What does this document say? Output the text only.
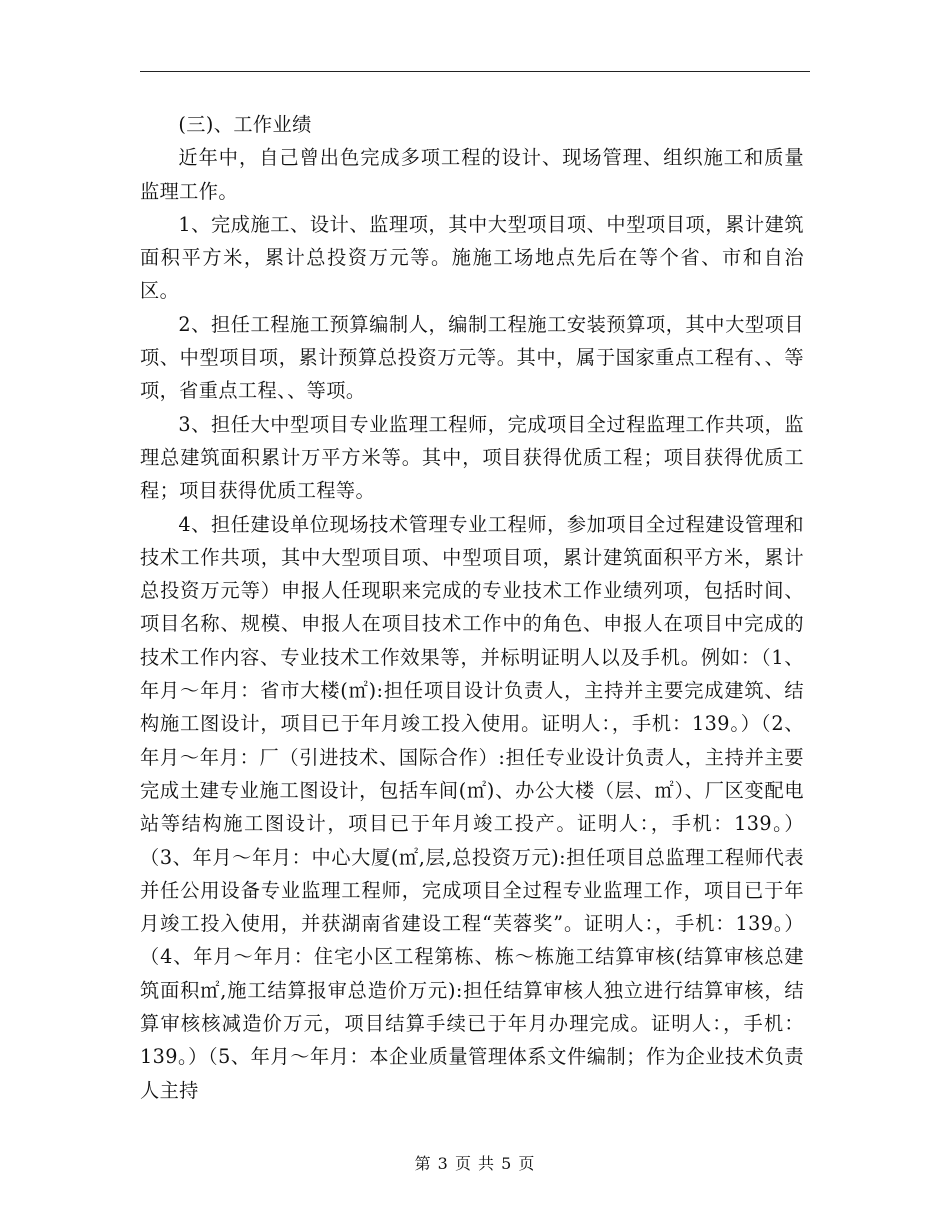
(三)、工作业绩

近年中，自己曾出色完成多项工程的设计、现场管理、组织施工和质量监理工作。

1、完成施工、设计、监理项，其中大型项目项、中型项目项，累计建筑面积平方米，累计总投资万元等。施施工场地点先后在等个省、市和自治区。

2、担任工程施工预算编制人，编制工程施工安装预算项，其中大型项目项、中型项目项，累计预算总投资万元等。其中，属于国家重点工程有、、等项，省重点工程、、等项。

3、担任大中型项目专业监理工程师，完成项目全过程监理工作共项，监理总建筑面积累计万平方米等。其中，项目获得优质工程；项目获得优质工程；项目获得优质工程等。

4、担任建设单位现场技术管理专业工程师，参加项目全过程建设管理和技术工作共项，其中大型项目项、中型项目项，累计建筑面积平方米，累计总投资万元等）申报人任现职来完成的专业技术工作业绩列项，包括时间、项目名称、规模、申报人在项目技术工作中的角色、申报人在项目中完成的技术工作内容、专业技术工作效果等，并标明证明人以及手机。例如：（1、年月～年月：省市大楼(㎡):担任项目设计负责人，主持并主要完成建筑、结构施工图设计，项目已于年月竣工投入使用。证明人：，手机：139。）（2、年月～年月：厂（引进技术、国际合作）:担任专业设计负责人，主持并主要完成土建专业施工图设计，包括车间(㎡)、办公大楼（层、㎡）、厂区变配电站等结构施工图设计，项目已于年月竣工投产。证明人：，手机：139。）（3、年月～年月：中心大厦(㎡,层,总投资万元):担任项目总监理工程师代表并任公用设备专业监理工程师，完成项目全过程专业监理工作，项目已于年月竣工投入使用，并获湖南省建设工程“芙蓉奖”。证明人：，手机：139。）（4、年月～年月：住宅小区工程第栋、栋～栋施工结算审核(结算审核总建筑面积㎡,施工结算报审总造价万元):担任结算审核人独立进行结算审核，结算审核核减造价万元，项目结算手续已于年月办理完成。证明人：，手机：139。）（5、年月～年月：本企业质量管理体系文件编制；作为企业技术负责人主持

第 3 页 共 5 页
